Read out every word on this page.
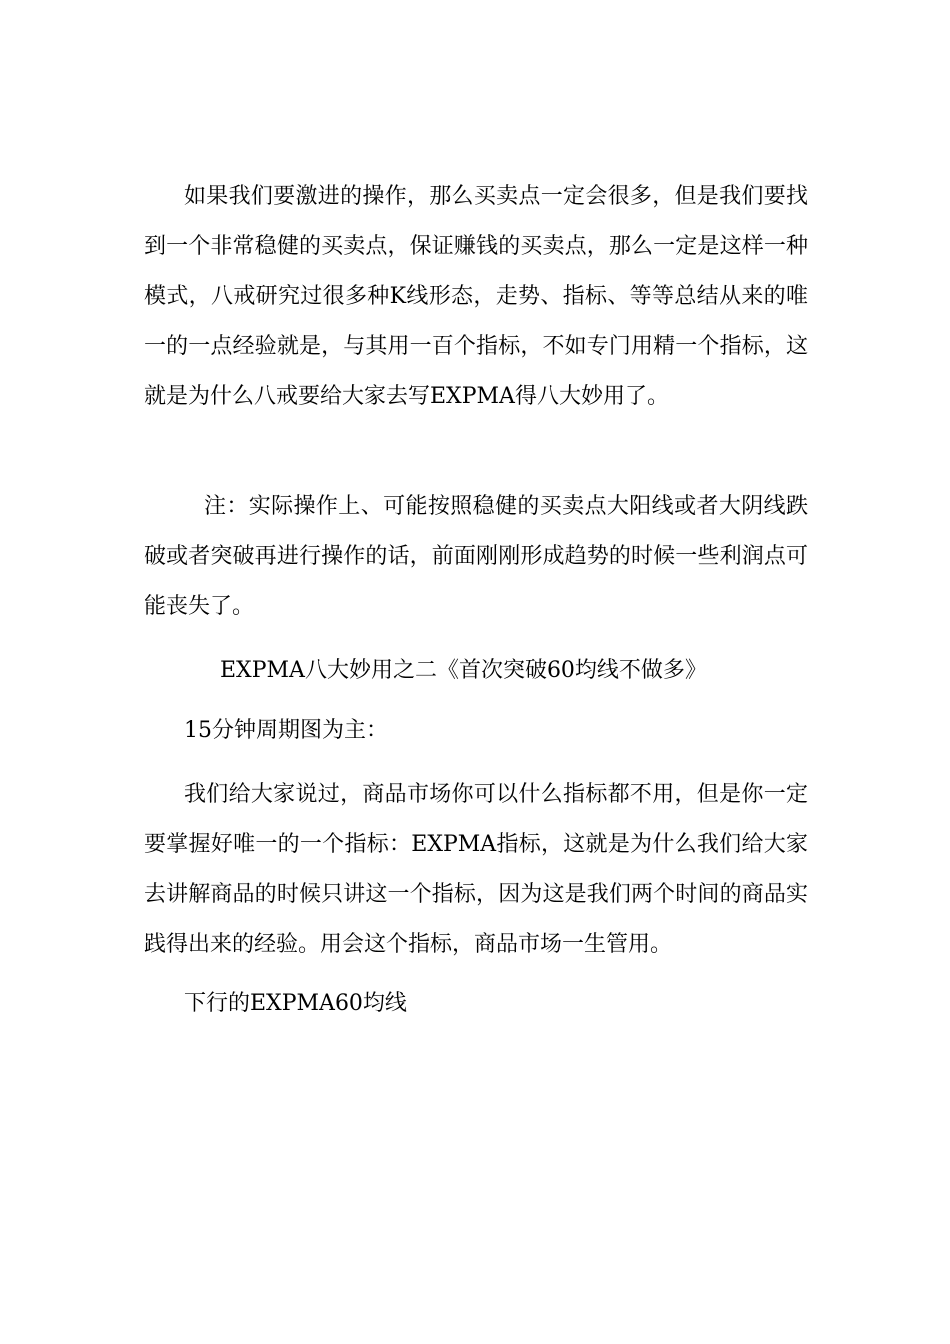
如果我们要激进的操作，那么买卖点一定会很多，但是我们要找到一个非常稳健的买卖点，保证赚钱的买卖点，那么一定是这样一种模式，八戒研究过很多种K线形态，走势、指标、等等总结从来的唯一的一点经验就是，与其用一百个指标，不如专门用精一个指标，这就是为什么八戒要给大家去写EXPMA得八大妙用了。

注：实际操作上、可能按照稳健的买卖点大阳线或者大阴线跌破或者突破再进行操作的话，前面刚刚形成趋势的时候一些利润点可能丧失了。

EXPMA八大妙用之二《首次突破60均线不做多》
15分钟周期图为主：

我们给大家说过，商品市场你可以什么指标都不用，但是你一定要掌握好唯一的一个指标：EXPMA指标，这就是为什么我们给大家去讲解商品的时候只讲这一个指标，因为这是我们两个时间的商品实践得出来的经验。用会这个指标，商品市场一生管用。

下行的EXPMA60均线
